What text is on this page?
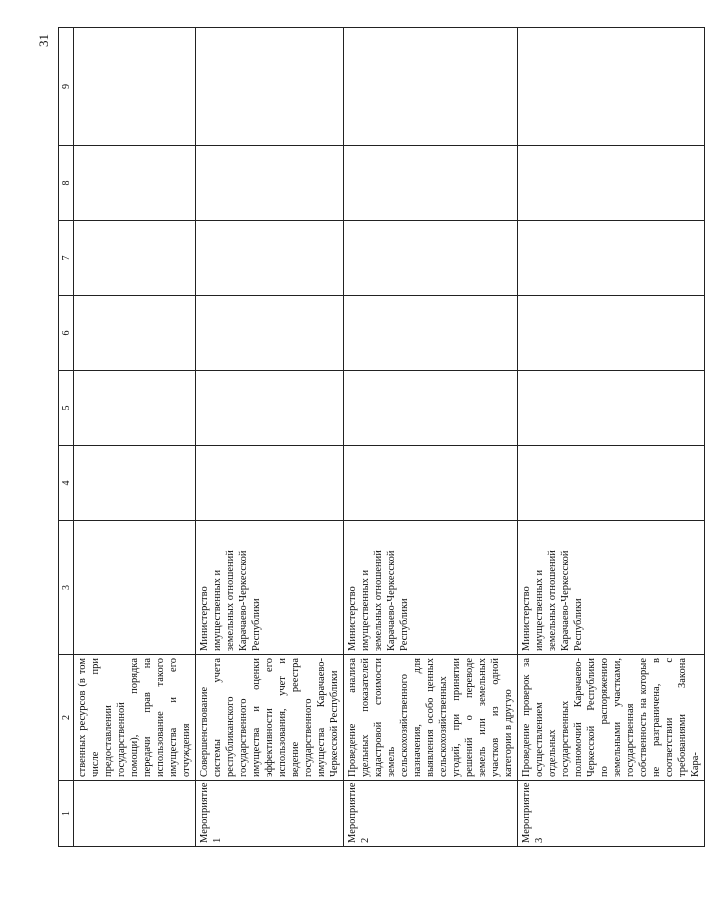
31
1	2	3	4	5	6	7	8	9
	ственных ресурсов (в том числе при предоставлении государственной помощи), порядка передачи прав на использование такого имущества и его отчуждения							
Мероприятие 1	Совершенствование системы учета республиканского государственного имущества и оценки эффективности его использования, учет и ведение реестра государственного имущества Карачаево-Черкесской Республики	Министерство имущественных и земельных отношений Карачаево-Черкесской Республики						
Мероприятие 2	Проведение анализа удельных показателей кадастровой стоимости земель сельскохозяйственного назначения, для выявления особо ценных сельскохозяйственных угодий, при принятии решений о переводе земель или земельных участков из одной категории в другую	Министерство имущественных и земельных отношений Карачаево-Черкесской Республики						
Мероприятие 3	Проведение проверок за осуществлением отдельных государственных полномочий Карачаево-Черкесской Республики по распоряжению земельными участками, государственная собственность на которые не разграничена, в соответствии с требованиями Закона Кара-	Министерство имущественных и земельных отношений Карачаево-Черкесской Республики						
